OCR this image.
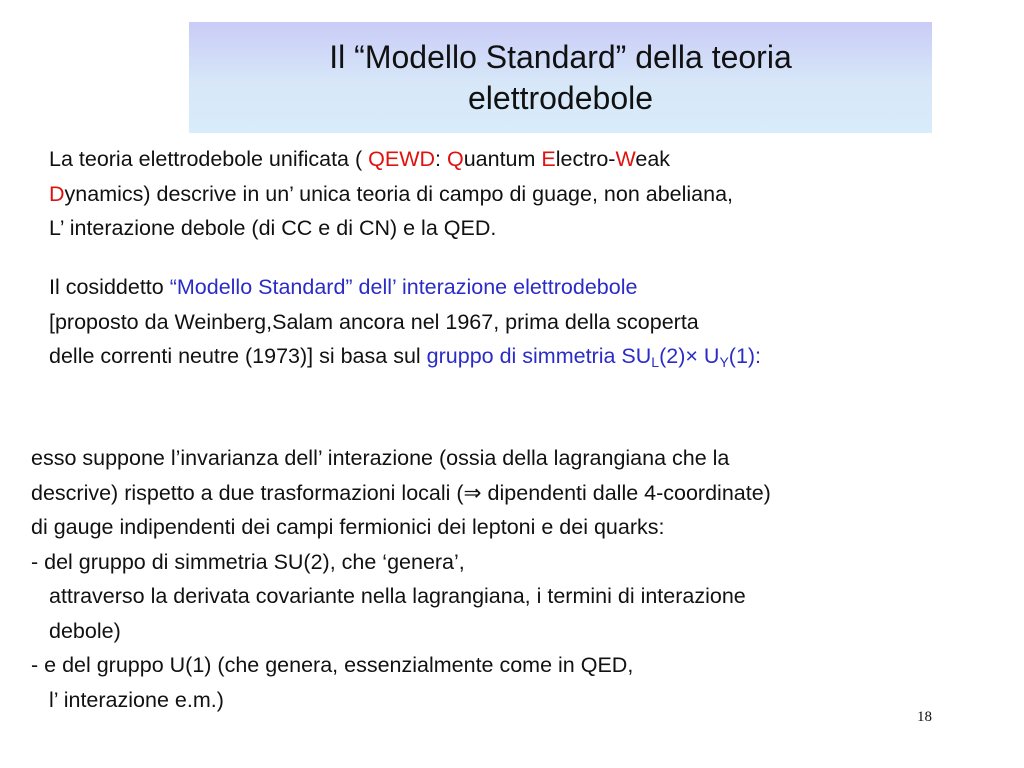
Il “Modello Standard” della teoria
elettrodebole
La teoria elettrodebole unificata ( QEWD: Quantum Electro-Weak
Dynamics) descrive in un’ unica teoria di campo di guage, non abeliana,
L’ interazione debole (di CC e di CN) e la QED.
Il cosiddetto “Modello Standard” dell’ interazione elettrodebole
[proposto da Weinberg,Salam ancora nel 1967, prima della scoperta
delle correnti neutre (1973)] si basa sul gruppo di simmetria $SU_L(2)\times U_Y(1)$:
esso suppone l’invarianza dell’ interazione (ossia della lagrangiana che la
descrive) rispetto a due trasformazioni locali (⇒ dipendenti dalle 4-coordinate)
di gauge indipendenti dei campi fermionici dei leptoni e dei quarks:
- del gruppo di simmetria SU(2), che ‘genera’,
attraverso la derivata covariante nella lagrangiana, i termini di interazione
debole)
- e del gruppo U(1) (che genera, essenzialmente come in QED,
l’ interazione e.m.)
18
